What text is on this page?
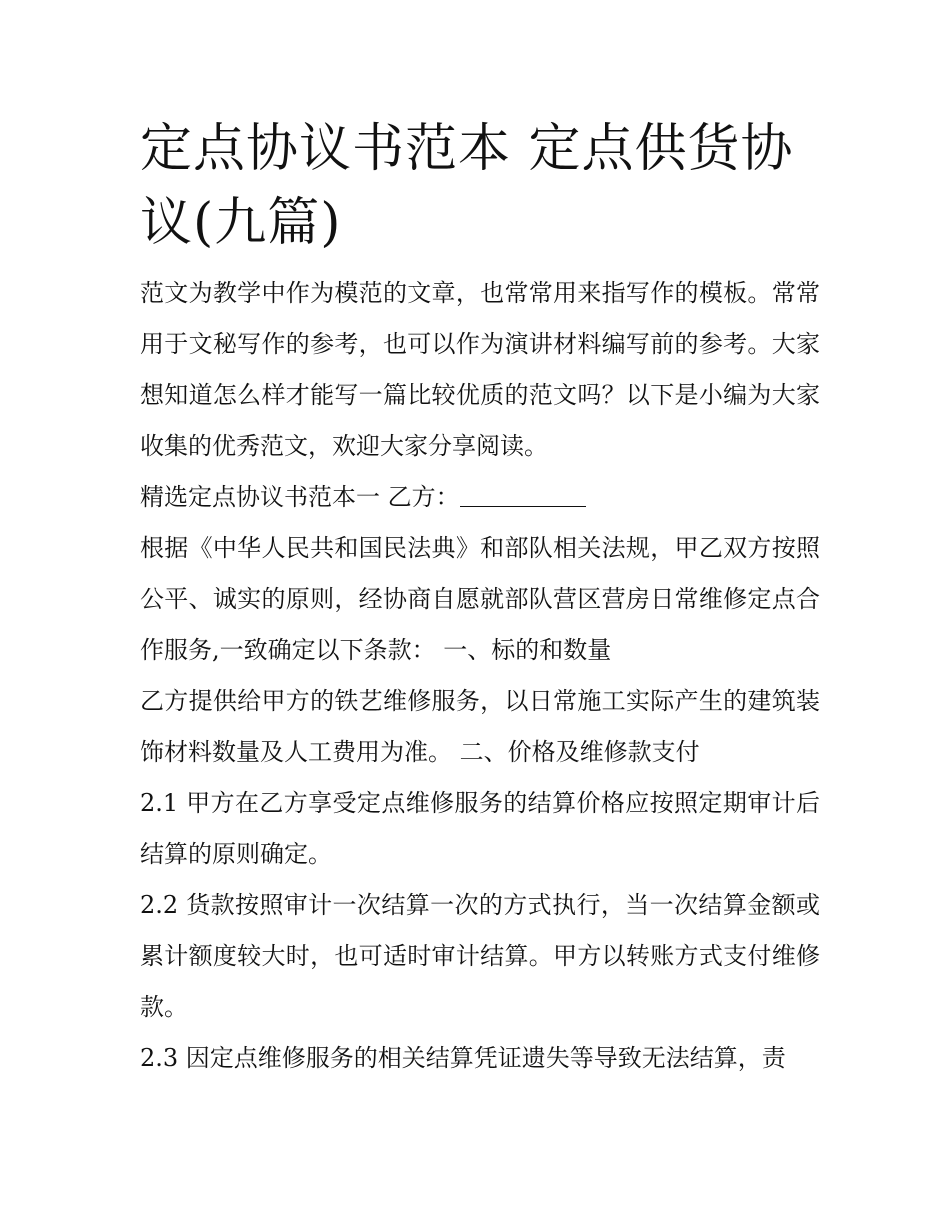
定点协议书范本 定点供货协议(九篇)

范文为教学中作为模范的文章，也常常用来指写作的模板。常常用于文秘写作的参考，也可以作为演讲材料编写前的参考。大家想知道怎么样才能写一篇比较优质的范文吗？以下是小编为大家收集的优秀范文，欢迎大家分享阅读。

精选定点协议书范本一 乙方：

根据《中华人民共和国民法典》和部队相关法规，甲乙双方按照公平、诚实的原则，经协商自愿就部队营区营房日常维修定点合作服务,一致确定以下条款： 一、标的和数量

乙方提供给甲方的铁艺维修服务，以日常施工实际产生的建筑装饰材料数量及人工费用为准。 二、价格及维修款支付

2.1 甲方在乙方享受定点维修服务的结算价格应按照定期审计后结算的原则确定。

2.2 货款按照审计一次结算一次的方式执行，当一次结算金额或累计额度较大时，也可适时审计结算。甲方以转账方式支付维修款。

2.3 因定点维修服务的相关结算凭证遗失等导致无法结算，责
